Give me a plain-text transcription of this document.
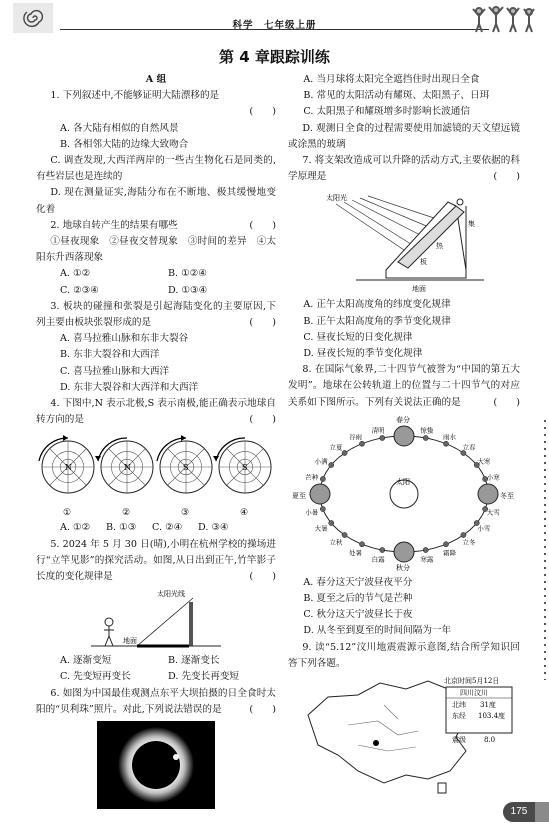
科学　七年级上册
第 4 章跟踪训练
A 组
1. 下列叙述中,不能够证明大陆漂移的是
(　　)
A. 各大陆有相似的自然风景
B. 各相邻大陆的边缘大致吻合
C. 调查发现,大西洋两岸的一些古生物化石是同类的,有些岩层也是连续的
D. 现在测量证实,海陆分布在不断地、极其缓慢地变化着
2. 地球自转产生的结果有哪些	(　　)
①昼夜现象　②昼夜交替现象　③时间的差异　④太阳东升西落现象
A. ①②	B. ①②④
C. ②③④	D. ①③④
3. 板块的碰撞和张裂是引起海陆变化的主要原因,下列主要由板块张裂形成的是	(　　)
A. 喜马拉雅山脉和东非大裂谷
B. 东非大裂谷和大西洋
C. 喜马拉雅山脉和大西洋
D. 东非大裂谷和大西洋和大西洋
4. 下图中,N 表示北极,S 表示南极,能正确表示地球自转方向的是	(　　)
N
①
N
②
S
③
S
④
A. ①② B. ①③ C. ②④ D. ③④
5. 2024 年 5 月 30 日(晴),小明在杭州学校的操场进行“立竿见影”的探究活动。如图,从日出到正午,竹竿影子长度的变化规律是	(　　)
太阳光线
地面
A. 逐渐变短	B. 逐渐变长
C. 先变短再变长	D. 先变长再变短
6. 如图为中国最佳观测点东平大坝拍摄的日全食时太阳的“贝利珠”照片。对此,下列说法错误的是	(　　)
A. 当月球将太阳完全遮挡住时出现日全食
B. 常见的太阳活动有耀斑、太阳黑子、日珥
C. 太阳黑子和耀斑增多时影响长波通信
D. 观测日全食的过程需要使用加滤镜的天文望远镜或涂黑的玻璃
7. 将支架改造成可以升降的活动方式,主要依据的科学原理是	(　　)
太阳光
集
热
板
地面
A. 正午太阳高度角的纬度变化规律
B. 正午太阳高度角的季节变化规律
C. 昼夜长短的日变化规律
D. 昼夜长短的季节变化规律
8. 在国际气象界,二十四节气被誉为“中国的第五大发明”。地球在公转轨道上的位置与二十四节气的对应关系如下图所示。下列有关说法正确的是	(　　)
太阳
清明
谷雨
立夏
小满
芒种
小暑
大暑
立秋
处暑
白露	寒露
霜降
立冬
小雪
大雪
小寒
大寒
立春
雨水
惊蛰
春分
夏至
秋分
冬至
A. 春分这天宁波昼夜平分
B. 夏至之后的节气是芒种
C. 秋分这天宁波昼长于夜
D. 从冬至到夏至的时间间隔为一年
9. 读“5.12”汶川地震震源示意图,结合所学知识回答下列各题。
北京时间5月12日
四川汶川
北纬 31度
东经 103.4度
震级	8.0
175
